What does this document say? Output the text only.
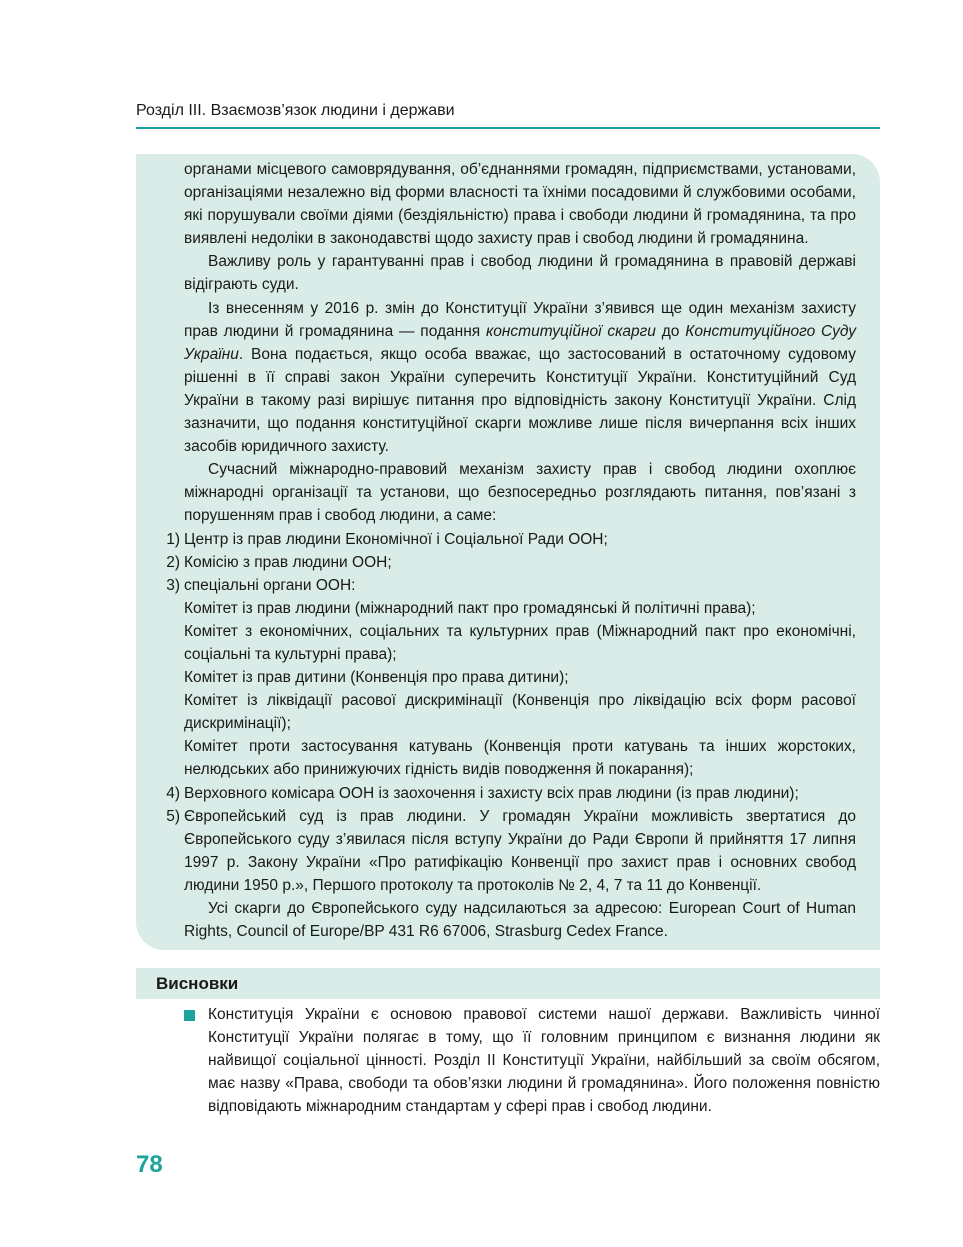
Розділ ІІІ. Взаємозв’язок людини і держави

органами місцевого самоврядування, об’єднаннями громадян, підприємствами, установами, організаціями незалежно від форми власності та їхніми посадовими й службовими особами, які порушували своїми діями (бездіяльністю) права і свободи людини й громадянина, та про виявлені недоліки в законодавстві щодо захисту прав і свобод людини й громадянина.

Важливу роль у гарантуванні прав і свобод людини й громадянина в правовій державі відіграють суди.

Із внесенням у 2016 р. змін до Конституції України з’явився ще один механізм захисту прав людини й громадянина — подання конституційної скарги до Конституційного Суду України. Вона подається, якщо особа вважає, що застосований в остаточному судовому рішенні в її справі закон України суперечить Конституції України. Конституційний Суд України в такому разі вирішує питання про відповідність закону Конституції України. Слід зазначити, що подання конституційної скарги можливе лише після вичерпання всіх інших засобів юридичного захисту.

Сучасний міжнародно-правовий механізм захисту прав і свобод людини охоплює міжнародні організації та установи, що безпосередньо розглядають питання, пов’язані з порушенням прав і свобод людини, а саме:

1) Центр із прав людини Економічної і Соціальної Ради ООН;

2) Комісію з прав людини ООН;

3) спеціальні органи ООН:

Комітет із прав людини (міжнародний пакт про громадянські й політичні права);

Комітет з економічних, соціальних та культурних прав (Міжнародний пакт про економічні, соціальні та культурні права);

Комітет із прав дитини (Конвенція про права дитини);

Комітет із ліквідації расової дискримінації (Конвенція про ліквідацію всіх форм расової дискримінації);

Комітет проти застосування катувань (Конвенція проти катувань та інших жорстоких, нелюдських або принижуючих гідність видів поводження й покарання);

4) Верховного комісара ООН із заохочення і захисту всіх прав людини (із прав людини);

5) Європейський суд із прав людини. У громадян України можливість звертатися до Європейського суду з’явилася після вступу України до Ради Європи й прийняття 17 липня 1997 р. Закону України «Про ратифікацію Конвенції про захист прав і основних свобод людини 1950 р.», Першого протоколу та протоколів № 2, 4, 7 та 11 до Конвенції.

Усі скарги до Європейського суду надсилаються за адресою: European Court of Human Rights, Council of Europe/BP 431 R6 67006, Strasburg Cedex France.

Висновки

Конституція України є основою правової системи нашої держави. Важливість чинної Конституції України полягає в тому, що її головним принципом є визнання людини як найвищої соціальної цінності. Розділ ІІ Конституції України, найбільший за своїм обсягом, має назву «Права, свободи та обов’язки людини й громадянина». Його положення повністю відповідають міжнародним стандартам у сфері прав і свобод людини.

78
